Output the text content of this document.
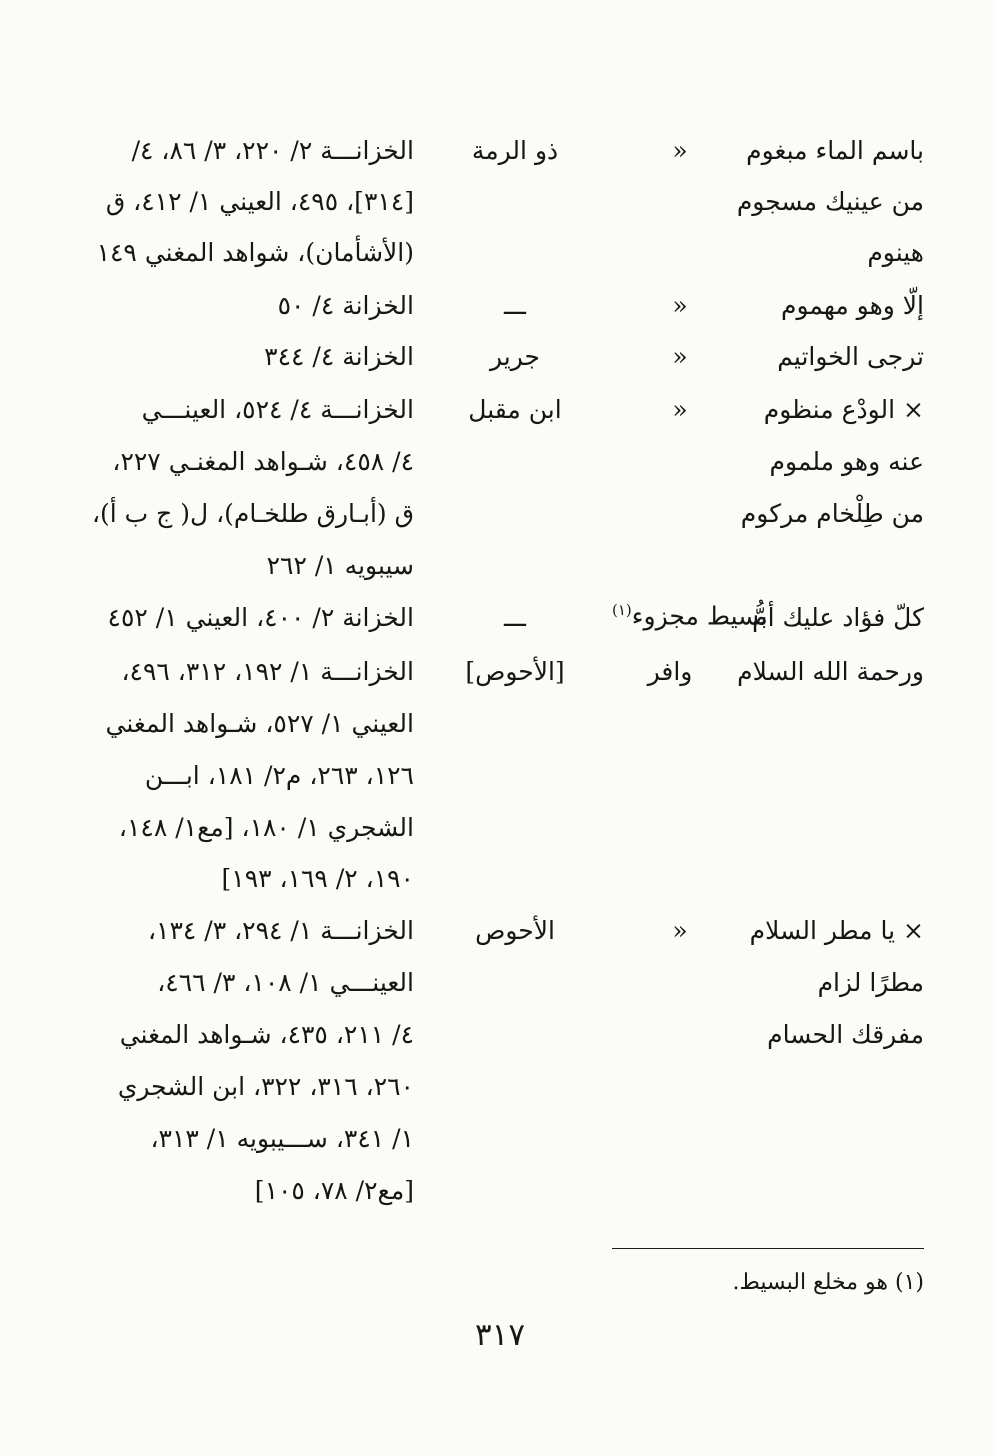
باسم الماء مبغوم
من عينيك مسجوم
هينوم
«
ذو الرمة
الخزانـــة ٢/ ٢٢٠، ٣/ ٨٦، ٤/
[٣١٤]، ٤٩٥، العيني ١/ ٤١٢، ق
(الأشأمان)، شواهد المغني ١٤٩
إلّا وهو مهموم
«
ـــ
الخزانة ٤/ ٥٠
ترجى الخواتيم
«
جرير
الخزانة ٤/ ٣٤٤
× الودْع منظوم
عنه وهو ملموم
من طِلْخام مركوم
«
ابن مقبل
الخزانـــة ٤/ ٥٢٤، العينـــي
٤/ ٤٥٨، شـواهد المغنـي ٢٢٧،
ق (أبـارق طلخـام)، ل( ج ب أ)،
سيبويه ١/ ٢٦٢
كلّ فؤاد عليك أمُّ
بسيط مجزوء$^{(١)}$
ـــ
الخزانة ٢/ ٤٠٠، العيني ١/ ٤٥٢
ورحمة الله السلام
وافر
[الأحوص]
الخزانـــة ١/ ١٩٢، ٣١٢، ٤٩٦،
العيني ١/ ٥٢٧، شـواهد المغني
١٢٦، ٢٦٣، م٢/ ١٨١، ابـــن
الشجري ١/ ١٨٠، [مع١/ ١٤٨،
١٩٠، ٢/ ١٦٩، ١٩٣]
× يا مطر السلام
مطرًا لزام
مفرقك الحسام
«
الأحوص
الخزانـــة ١/ ٢٩٤، ٣/ ١٣٤،
العينـــي ١/ ١٠٨، ٣/ ٤٦٦،
٤/ ٢١١، ٤٣٥، شـواهد المغني
٢٦٠، ٣١٦، ٣٢٢، ابن الشجري
١/ ٣٤١، ســـيبويه ١/ ٣١٣،
[مع٢/ ٧٨، ١٠٥]
(١) هو مخلع البسيط.
٣١٧
